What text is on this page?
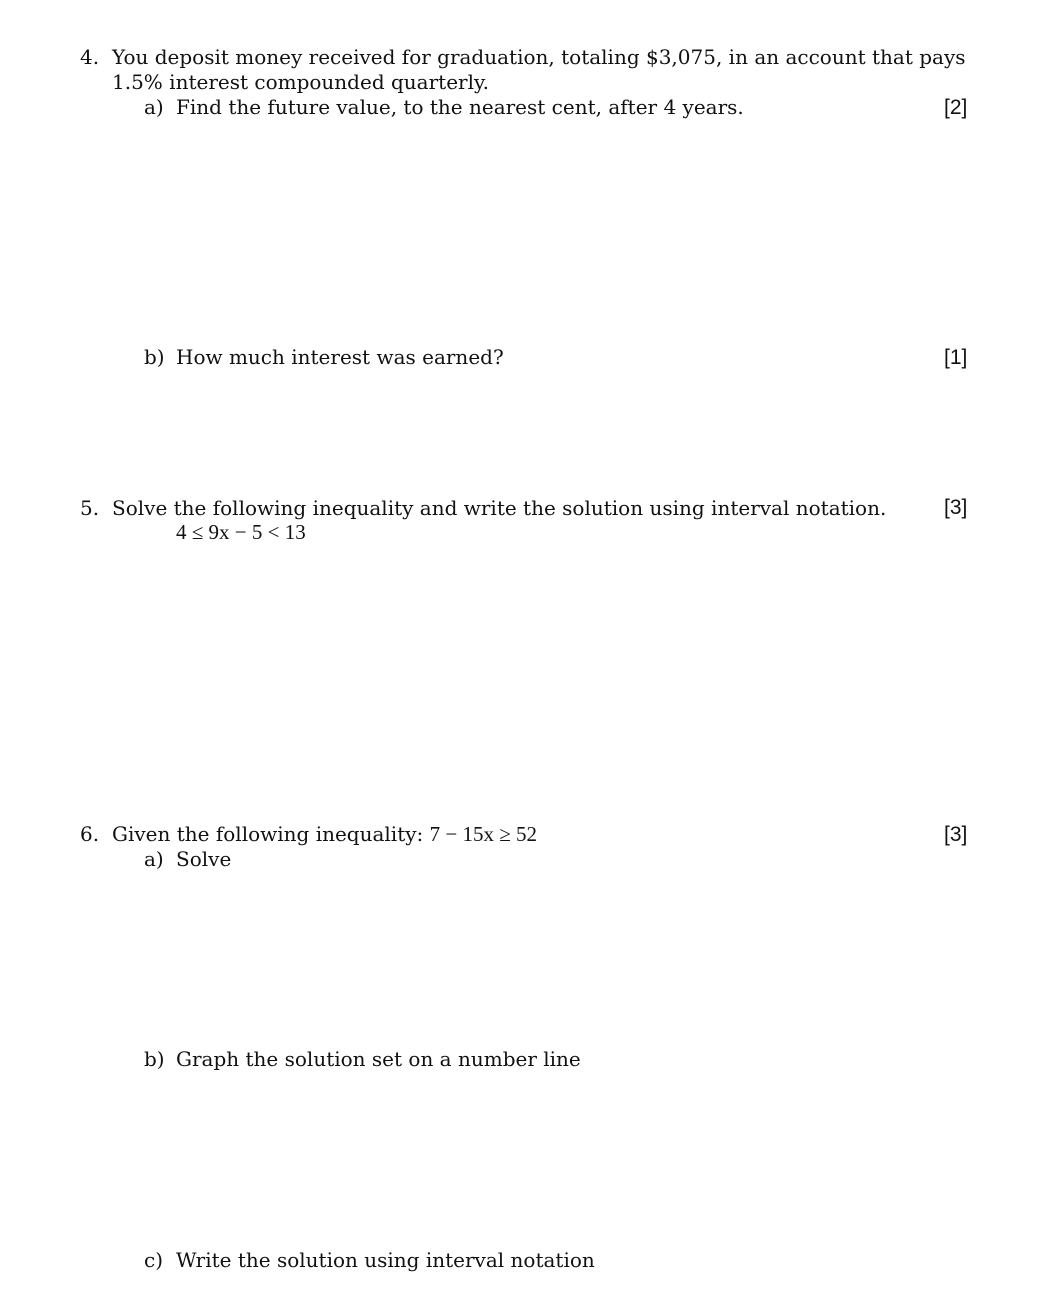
4. You deposit money received for graduation, totaling $3,075, in an account that pays
1.5% interest compounded quarterly.
a) Find the future value, to the nearest cent, after 4 years.	[2]
b) How much interest was earned?	[1]
5. Solve the following inequality and write the solution using interval notation.	[3]
4 ≤ 9x − 5 < 13
6. Given the following inequality: 7 − 15x ≥ 52	[3]
a) Solve
b) Graph the solution set on a number line
c) Write the solution using interval notation
